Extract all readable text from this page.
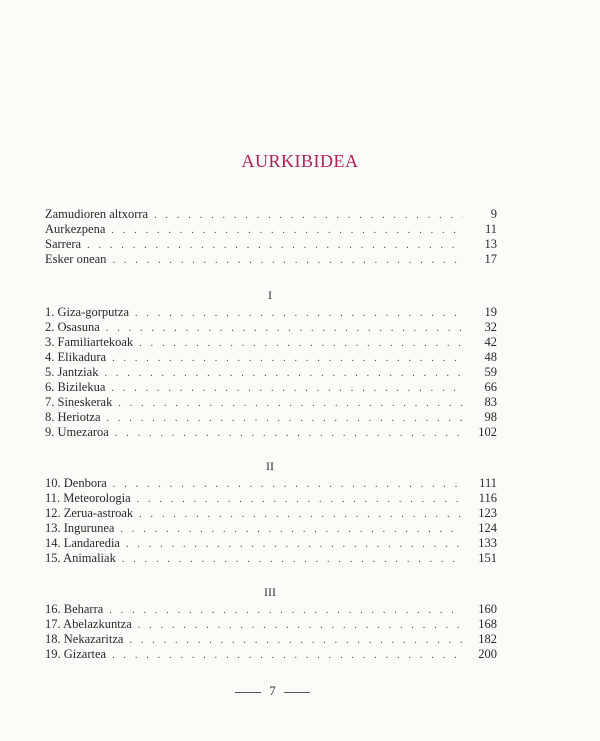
AURKIBIDEA
Zamudioren altxorra . . .	9
Aurkezpena . . .	11
Sarrera . . .	13
Esker onean . . .	17
I
1. Giza-gorputza . . .	19
2. Osasuna . . .	32
3. Familiartekoak . . .	42
4. Elikadura . . .	48
5. Jantziak . . .	59
6. Bizilekua . . .	66
7. Sineskerak . . .	83
8. Heriotza . . .	98
9. Umezaroa . . .	102
II
10. Denbora . . .	111
11. Meteorologia . . .	116
12. Zerua-astroak . . .	123
13. Ingurunea . . .	124
14. Landaredia . . .	133
15. Animaliak . . .	151
III
16. Beharra . . .	160
17. Abelazkuntza . . .	168
18. Nekazaritza . . .	182
19. Gizartea . . .	200
7
